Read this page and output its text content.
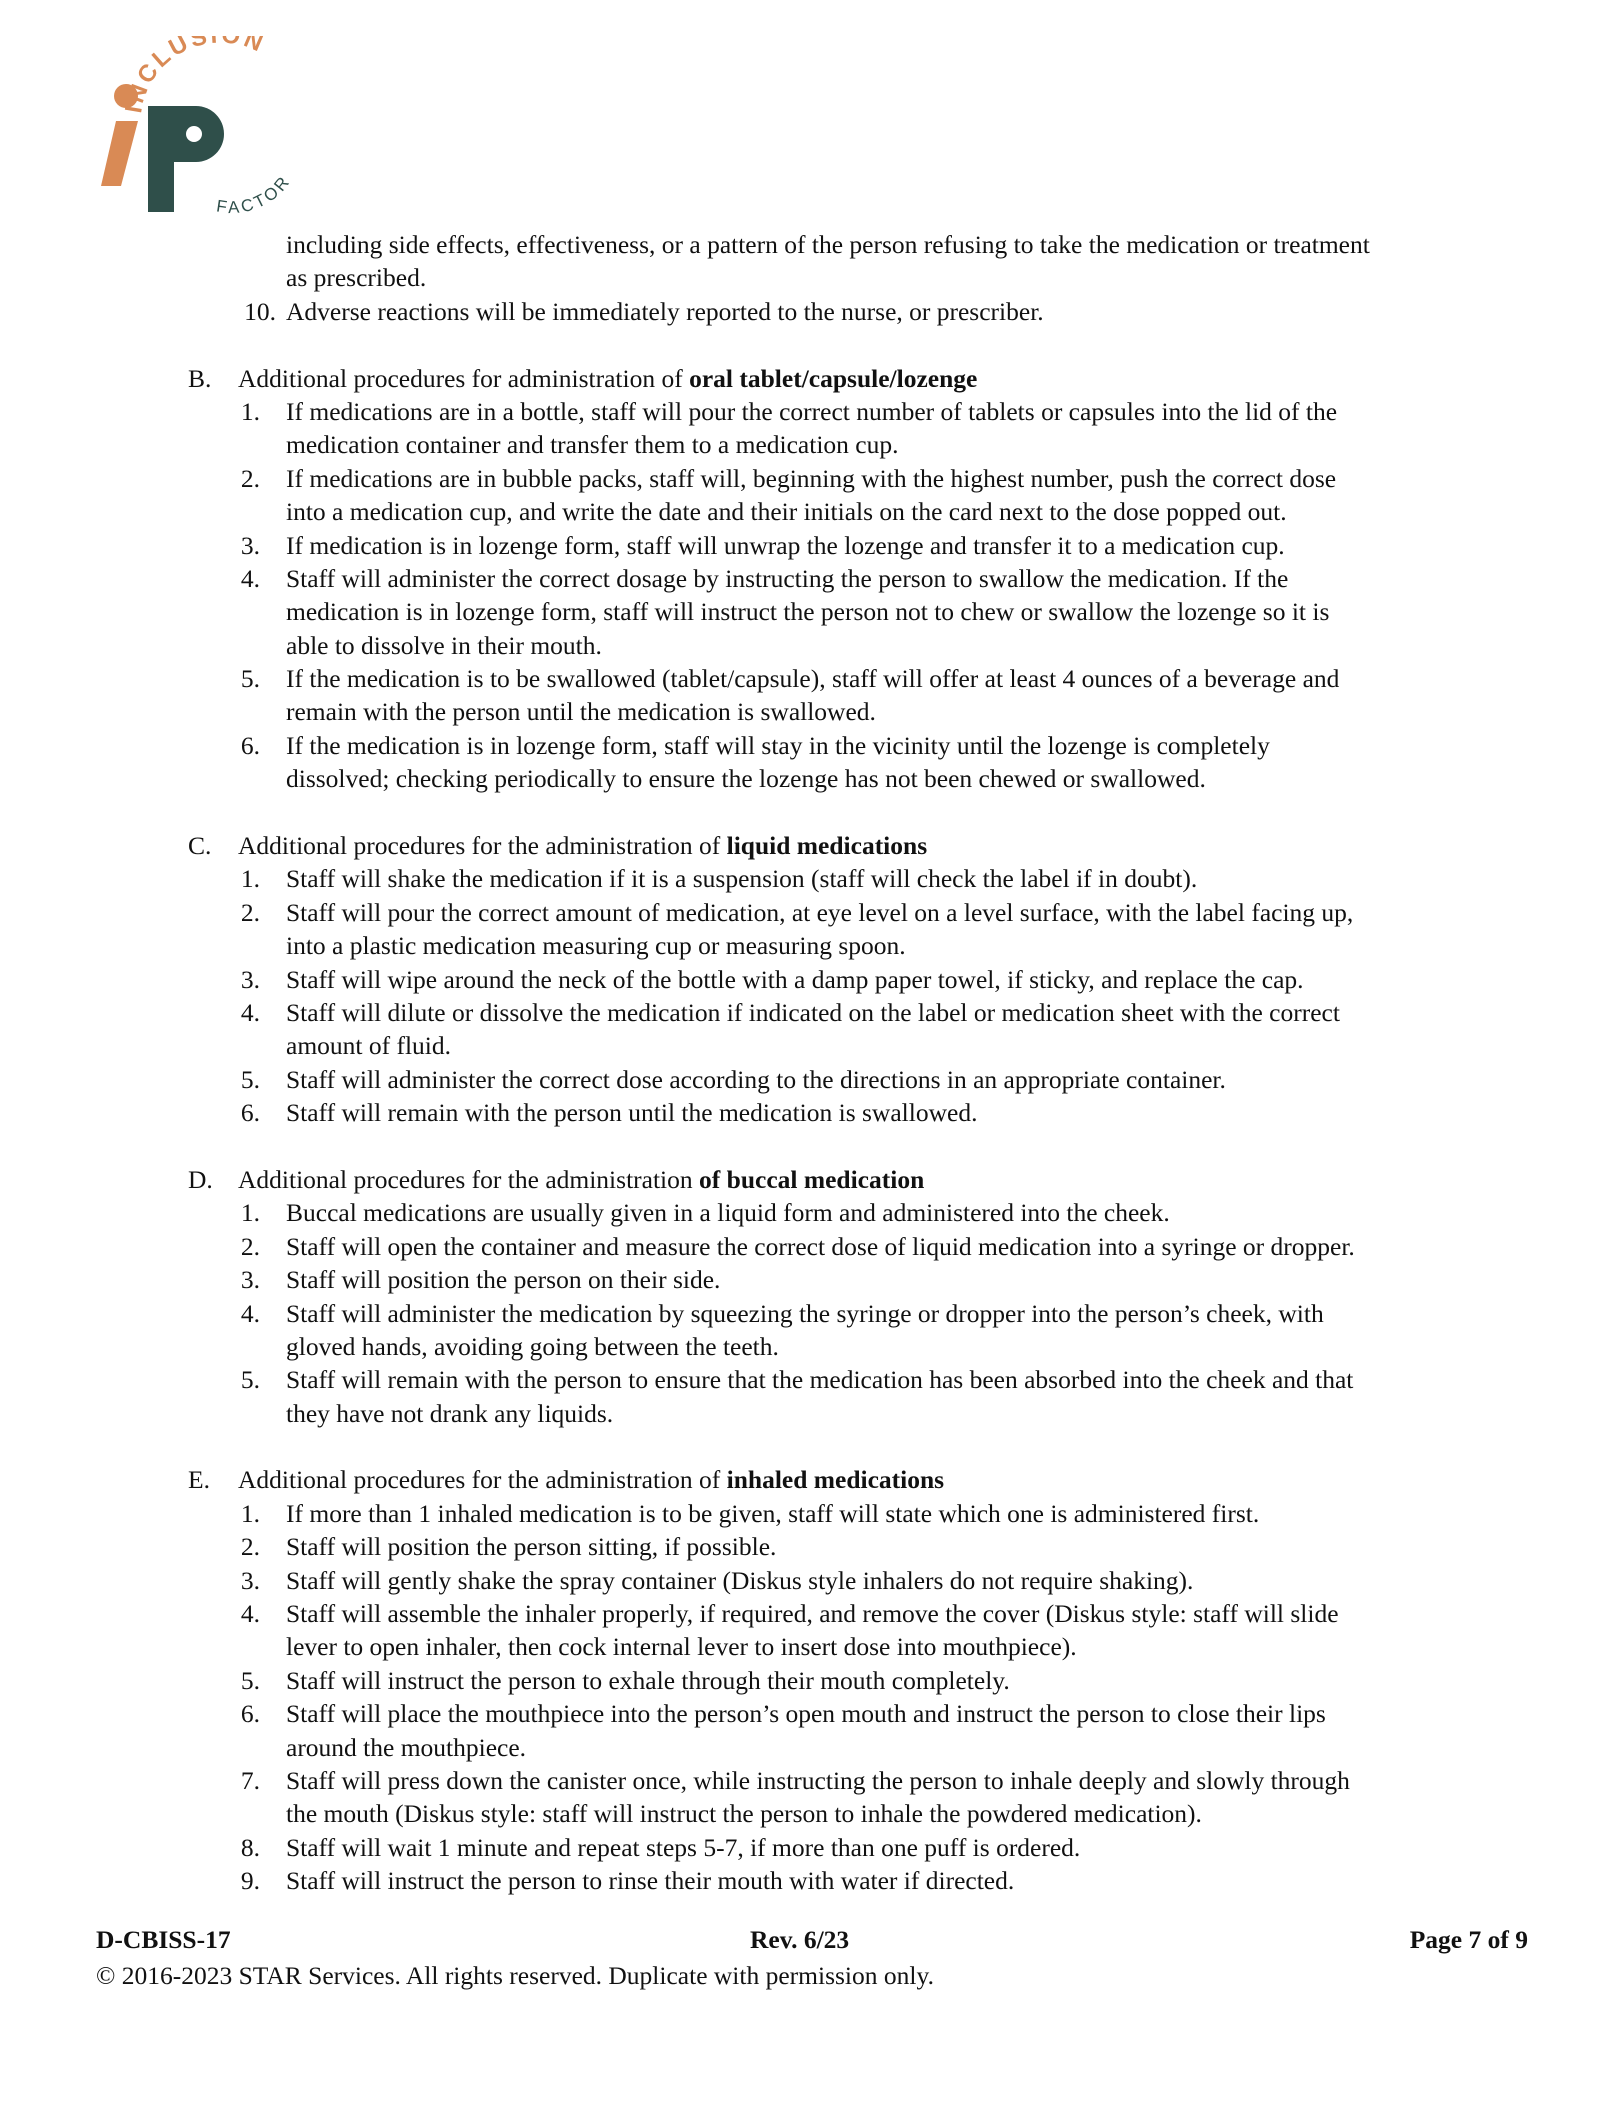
INCLUS N
FACTOR
including side effects, effectiveness, or a pattern of the person refusing to take the medication or treatment
as prescribed.
10. Adverse reactions will be immediately reported to the nurse, or prescriber.
B. Additional procedures for administration of oral tablet/capsule/lozenge
1. If medications are in a bottle, staff will pour the correct number of tablets or capsules into the lid of the
medication container and transfer them to a medication cup.
2. If medications are in bubble packs, staff will, beginning with the highest number, push the correct dose
into a medication cup, and write the date and their initials on the card next to the dose popped out.
3. If medication is in lozenge form, staff will unwrap the lozenge and transfer it to a medication cup.
4. Staff will administer the correct dosage by instructing the person to swallow the medication. If the
medication is in lozenge form, staff will instruct the person not to chew or swallow the lozenge so it is
able to dissolve in their mouth.
5. If the medication is to be swallowed (tablet/capsule), staff will offer at least 4 ounces of a beverage and
remain with the person until the medication is swallowed.
6. If the medication is in lozenge form, staff will stay in the vicinity until the lozenge is completely
dissolved; checking periodically to ensure the lozenge has not been chewed or swallowed.
C. Additional procedures for the administration of liquid medications
1. Staff will shake the medication if it is a suspension (staff will check the label if in doubt).
2. Staff will pour the correct amount of medication, at eye level on a level surface, with the label facing up,
into a plastic medication measuring cup or measuring spoon.
3. Staff will wipe around the neck of the bottle with a damp paper towel, if sticky, and replace the cap.
4. Staff will dilute or dissolve the medication if indicated on the label or medication sheet with the correct
amount of fluid.
5. Staff will administer the correct dose according to the directions in an appropriate container.
6. Staff will remain with the person until the medication is swallowed.
D. Additional procedures for the administration of buccal medication
1. Buccal medications are usually given in a liquid form and administered into the cheek.
2. Staff will open the container and measure the correct dose of liquid medication into a syringe or dropper.
3. Staff will position the person on their side.
4. Staff will administer the medication by squeezing the syringe or dropper into the person’s cheek, with
gloved hands, avoiding going between the teeth.
5. Staff will remain with the person to ensure that the medication has been absorbed into the cheek and that
they have not drank any liquids.
E. Additional procedures for the administration of inhaled medications
1. If more than 1 inhaled medication is to be given, staff will state which one is administered first.
2. Staff will position the person sitting, if possible.
3. Staff will gently shake the spray container (Diskus style inhalers do not require shaking).
4. Staff will assemble the inhaler properly, if required, and remove the cover (Diskus style: staff will slide
lever to open inhaler, then cock internal lever to insert dose into mouthpiece).
5. Staff will instruct the person to exhale through their mouth completely.
6. Staff will place the mouthpiece into the person’s open mouth and instruct the person to close their lips
around the mouthpiece.
7. Staff will press down the canister once, while instructing the person to inhale deeply and slowly through
the mouth (Diskus style: staff will instruct the person to inhale the powdered medication).
8. Staff will wait 1 minute and repeat steps 5-7, if more than one puff is ordered.
9. Staff will instruct the person to rinse their mouth with water if directed.
D-CBISS-17	Rev. 6/23	Page 7 of 9
© 2016-2023 STAR Services. All rights reserved. Duplicate with permission only.
